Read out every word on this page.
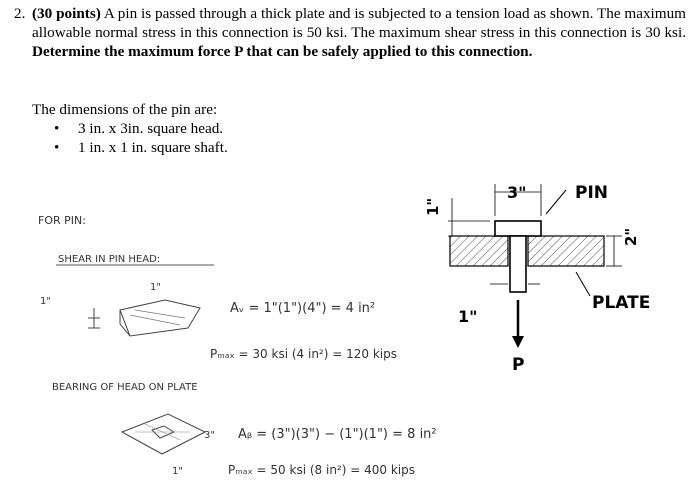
2. (30 points) A pin is passed through a thick plate and is subjected to a tension load as shown. The maximum allowable normal stress in this connection is 50 ksi. The maximum shear stress in this connection is 30 ksi. Determine the maximum force P that can be safely applied to this connection.
The dimensions of the pin are:
• 3 in. x 3in. square head.
• 1 in. x 1 in. square shaft.
P
3"
1"
2"
1"
PIN
PLATE
FOR PIN:
SHEAR IN PIN HEAD:
1"
1"
Aᵥ = 1"(1")(4") = 4 in²
Pₘₐₓ = 30 ksi (4 in²) = 120 kips
BEARING OF HEAD ON PLATE
3"
1"
Aᵦ = (3")(3") − (1")(1") = 8 in²
Pₘₐₓ = 50 ksi (8 in²) = 400 kips
